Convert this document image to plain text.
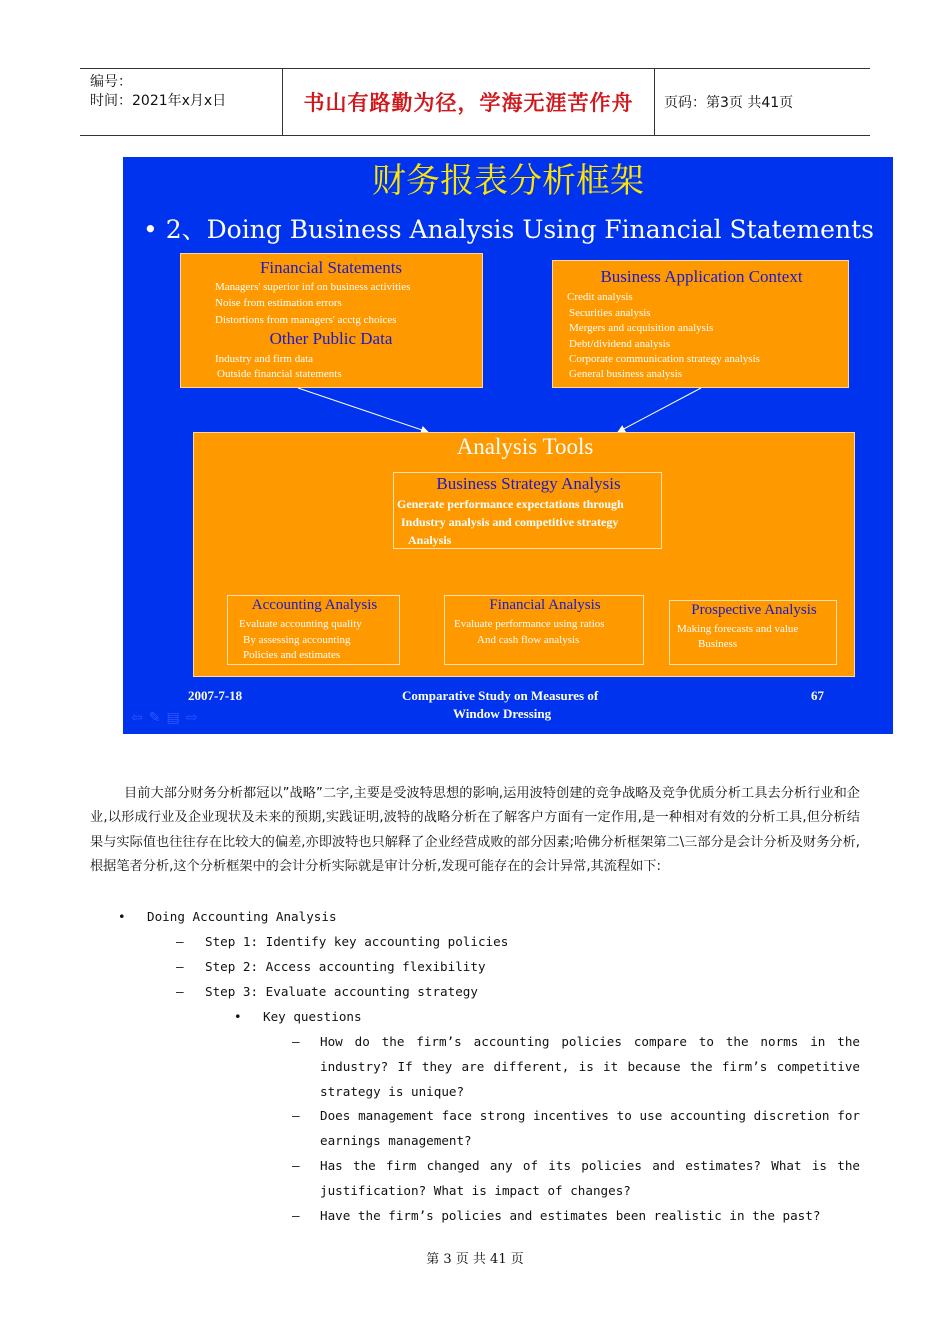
编号：
时间：2021年x月x日	书山有路勤为径，学海无涯苦作舟	页码：第3页 共41页
财务报表分析框架
• 2、Doing Business Analysis Using Financial Statements
Financial Statements
Managers' superior inf on business activities
Noise from estimation errors
Distortions from managers' acctg choices
Other Public Data
Industry and firm data
Outside financial statements
Business Application Context
Credit analysis
Securities analysis
Mergers and acquisition analysis
Debt/dividend analysis
Corporate communication strategy analysis
General business analysis
Analysis Tools
Business Strategy Analysis
Generate performance expectations through
Industry analysis and competitive strategy
Analysis
Accounting Analysis
Evaluate accounting quality
By assessing accounting
Policies and estimates
Financial Analysis
Evaluate performance using ratios
And cash flow analysis
Prospective Analysis
Making forecasts and value
Business
2007-7-18	Comparative Study on Measures of
Window Dressing
67
⇦ ✎ ▤ ⇨
目前大部分财务分析都冠以”战略”二字,主要是受波特思想的影响,运用波特创建的竞争战略及竞争优质分析工具去分析行业和企业,以形成行业及企业现状及未来的预期,实践证明,波特的战略分析在了解客户方面有一定作用,是一种相对有效的分析工具,但分析结果与实际值也往往存在比较大的偏差,亦即波特也只解释了企业经营成败的部分因素;哈佛分析框架第二\三部分是会计分析及财务分析,根据笔者分析,这个分析框架中的会计分析实际就是审计分析,发现可能存在的会计异常,其流程如下:
• Doing Accounting Analysis
– Step 1: Identify key accounting policies
– Step 2: Access accounting flexibility
– Step 3: Evaluate accounting strategy
• Key questions
– How do the firm’s accounting policies compare to the norms in the
industry? If they are different, is it because the firm’s competitive
strategy is unique?
– Does management face strong incentives to use accounting discretion for
earnings management?
– Has the firm changed any of its policies and estimates? What is the
justification? What is impact of changes?
– Have the firm’s policies and estimates been realistic in the past?
第 3 页 共 41 页
